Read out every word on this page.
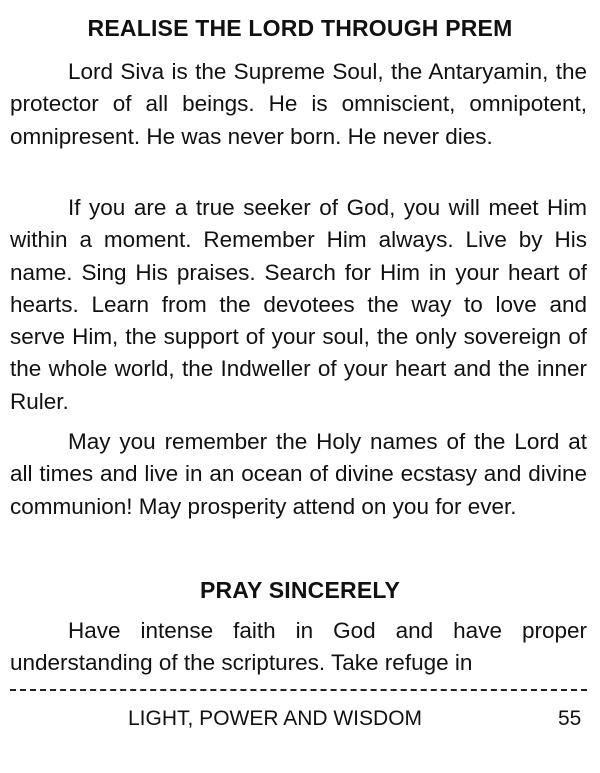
REALISE THE LORD THROUGH PREM

Lord Siva is the Supreme Soul, the Antaryamin, the protector of all beings. He is omniscient, omnipotent, omnipresent. He was never born. He never dies.

If you are a true seeker of God, you will meet Him within a moment. Remember Him always. Live by His name. Sing His praises. Search for Him in your heart of hearts. Learn from the devotees the way to love and serve Him, the support of your soul, the only sovereign of the whole world, the Indweller of your heart and the inner Ruler.

May you remember the Holy names of the Lord at all times and live in an ocean of divine ecstasy and divine communion! May prosperity attend on you for ever.

PRAY SINCERELY

Have intense faith in God and have proper understanding of the scriptures. Take refuge in

LIGHT, POWER AND WISDOM	55
